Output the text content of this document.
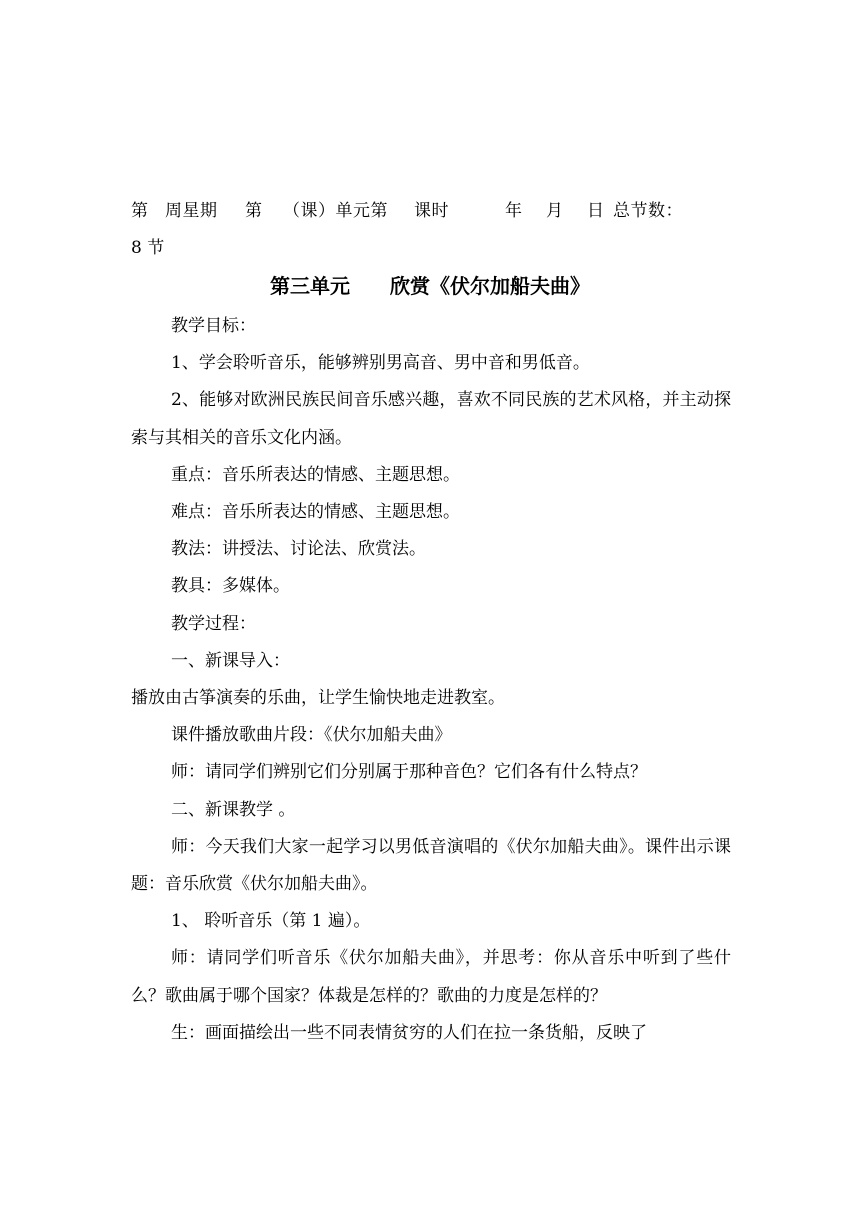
第 周星期 第 （课）单元第 课时	年 月 日 总节数：
8 节
第三单元 欣赏《伏尔加船夫曲》

教学目标：

1、学会聆听音乐，能够辨别男高音、男中音和男低音。

2、能够对欧洲民族民间音乐感兴趣，喜欢不同民族的艺术风格，并主动探索与其相关的音乐文化内涵。

重点：音乐所表达的情感、主题思想。

难点：音乐所表达的情感、主题思想。

教法：讲授法、讨论法、欣赏法。

教具：多媒体。

教学过程：

一、新课导入：

播放由古筝演奏的乐曲，让学生愉快地走进教室。

课件播放歌曲片段：《伏尔加船夫曲》

师：请同学们辨别它们分别属于那种音色？它们各有什么特点？

二、新课教学 。

师：今天我们大家一起学习以男低音演唱的《伏尔加船夫曲》。课件出示课题：音乐欣赏《伏尔加船夫曲》。

1、 聆听音乐（第 1 遍）。

师：请同学们听音乐《伏尔加船夫曲》，并思考：你从音乐中听到了些什么？歌曲属于哪个国家？体裁是怎样的？歌曲的力度是怎样的？

生：画面描绘出一些不同表情贫穷的人们在拉一条货船，反映了
